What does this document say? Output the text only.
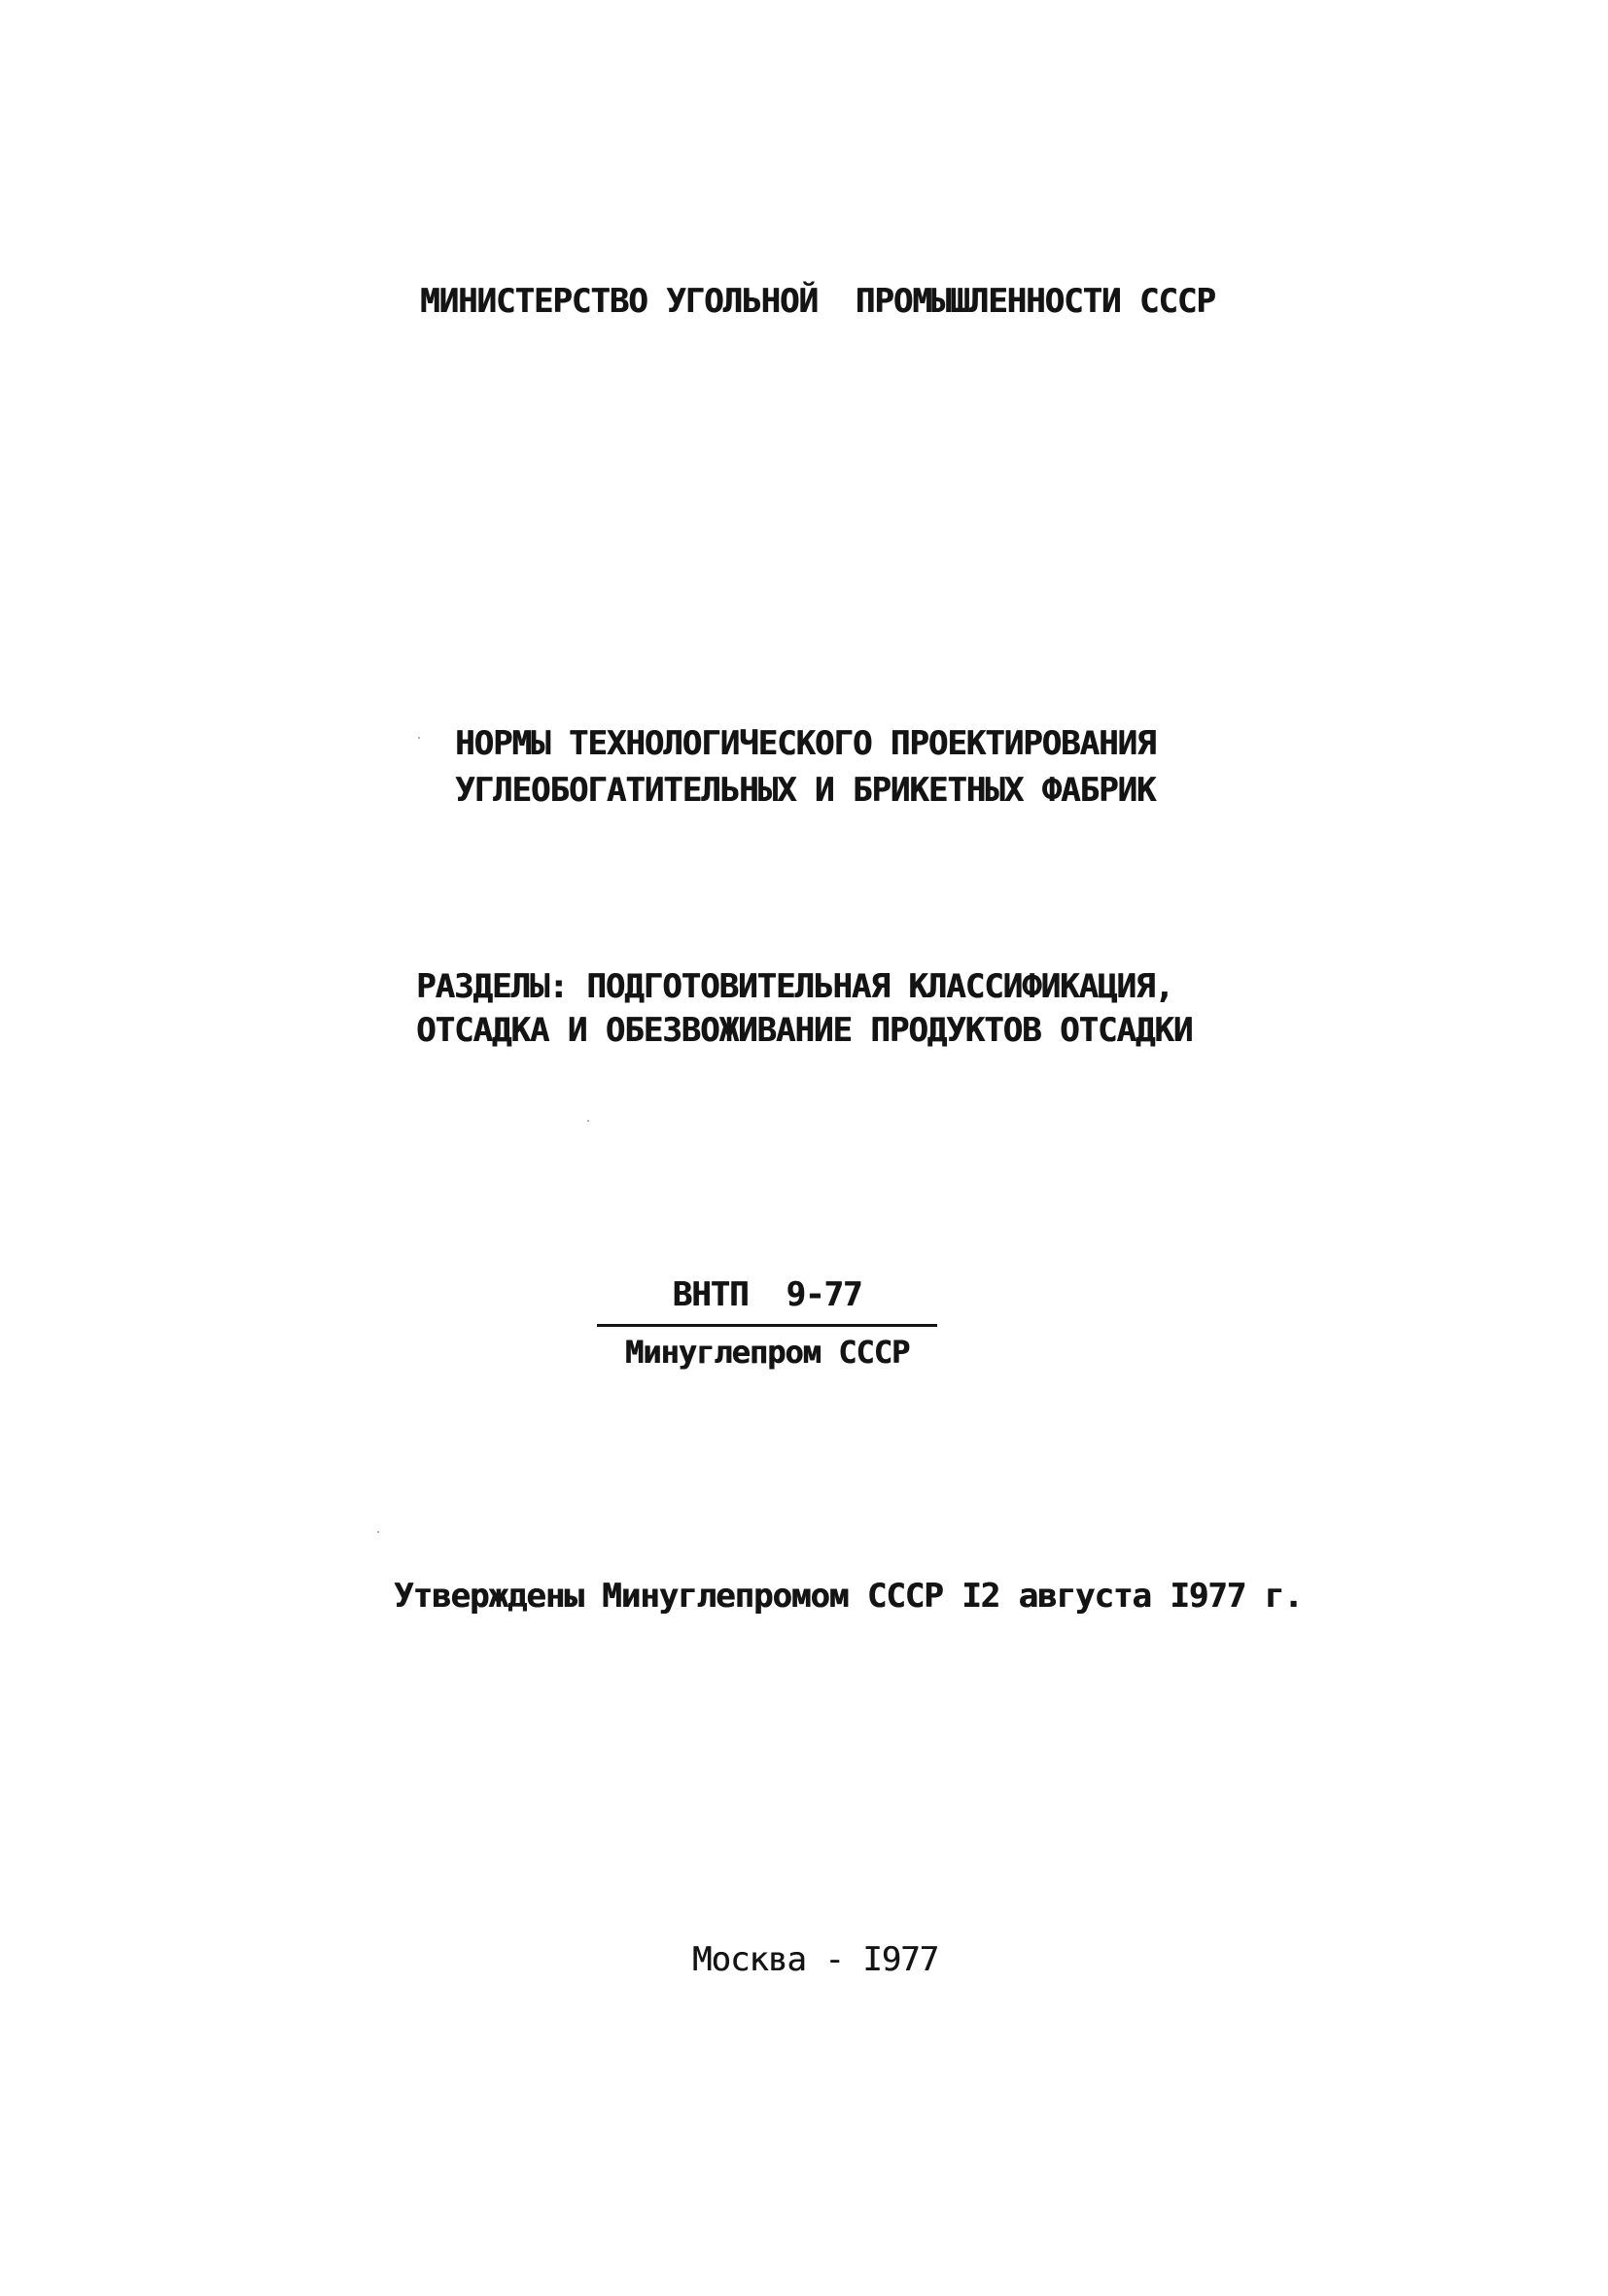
МИНИСТЕРСТВО УГОЛЬНОЙ  ПРОМЫШЛЕННОСТИ СССР
НОРМЫ ТЕХНОЛОГИЧЕСКОГО ПРОЕКТИРОВАНИЯ
УГЛЕОБОГАТИТЕЛЬНЫХ И БРИКЕТНЫХ ФАБРИК
РАЗДЕЛЫ: ПОДГОТОВИТЕЛЬНАЯ КЛАССИФИКАЦИЯ,
ОТСАДКА И ОБЕЗВОЖИВАНИЕ ПРОДУКТОВ ОТСАДКИ
ВНТП  9-77
Минуглепром СССР
Утверждены Минуглепромом СССР I2 августа I977 г.
Москва - I977
